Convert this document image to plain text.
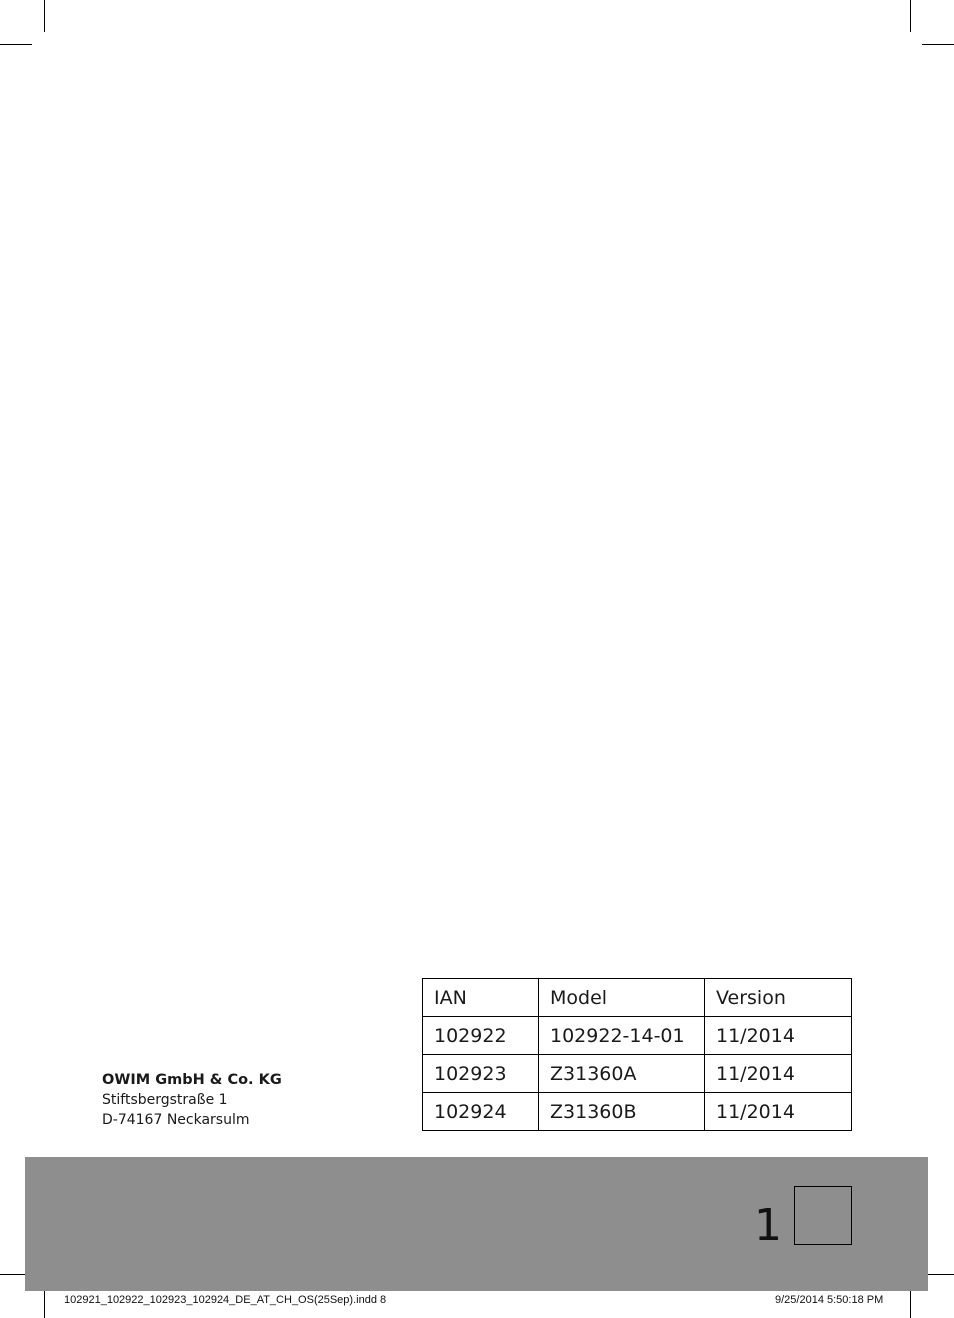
OWIM GmbH & Co. KG
Stiftsbergstraße 1
D-74167 Neckarsulm
IAN	Model	Version
102922	102922-14-01	11/2014
102923	Z31360A	11/2014
102924	Z31360B	11/2014
1
102921_102922_102923_102924_DE_AT_CH_OS(25Sep).indd 8	9/25/2014 5:50:18 PM
